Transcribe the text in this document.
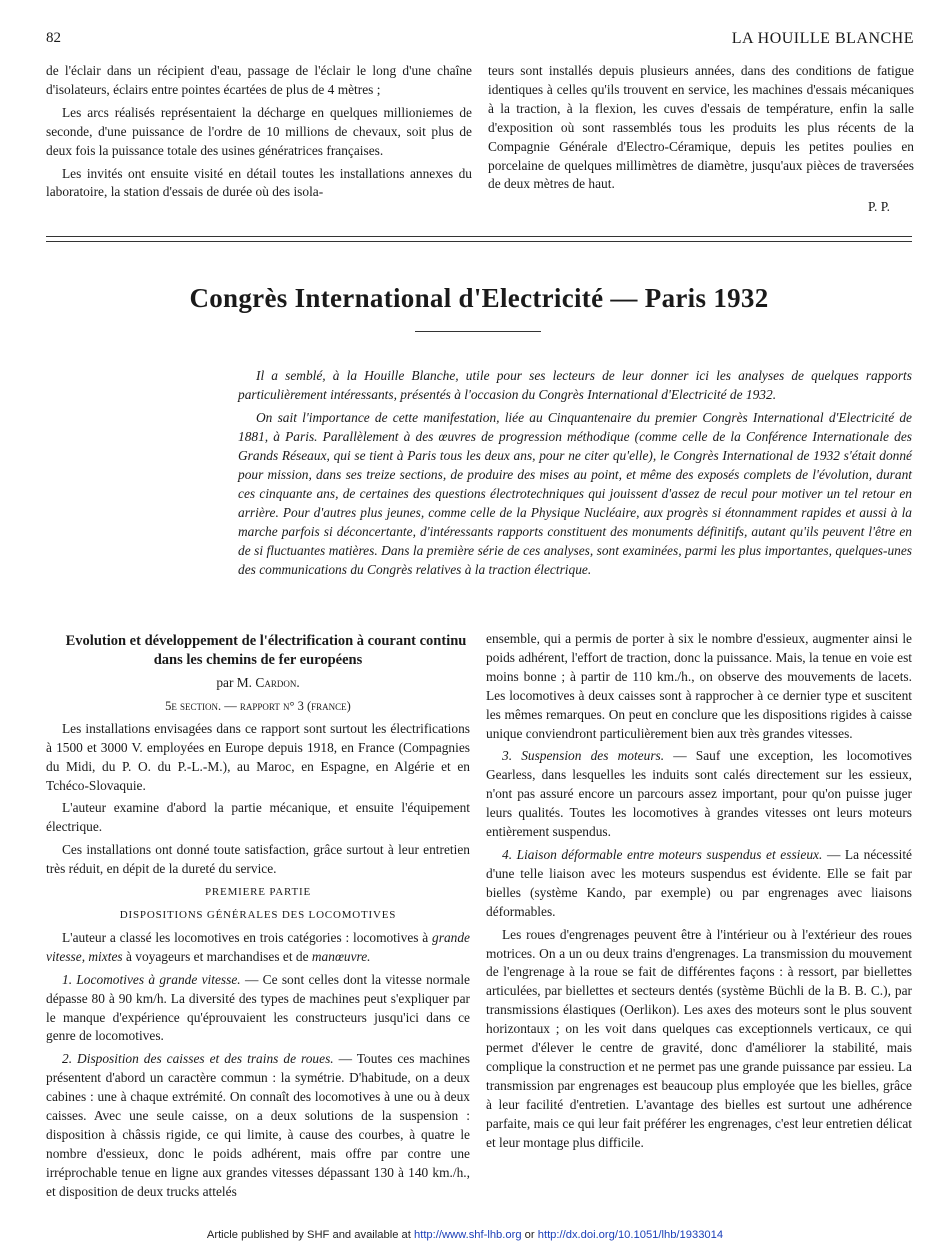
82	LA HOUILLE BLANCHE

de l'éclair dans un récipient d'eau, passage de l'éclair le long d'une chaîne d'isolateurs, éclairs entre pointes écartées de plus de 4 mètres ;

Les arcs réalisés représentaient la décharge en quelques millioniemes de seconde, d'une puissance de l'ordre de 10 millions de chevaux, soit plus de deux fois la puissance totale des usines génératrices françaises.

Les invités ont ensuite visité en détail toutes les installations annexes du laboratoire, la station d'essais de durée où des isola-

teurs sont installés depuis plusieurs années, dans des conditions de fatigue identiques à celles qu'ils trouvent en service, les machines d'essais mécaniques à la traction, à la flexion, les cuves d'essais de température, enfin la salle d'exposition où sont rassemblés tous les produits les plus récents de la Compagnie Générale d'Electro-Céramique, depuis les petites poulies en porcelaine de quelques millimètres de diamètre, jusqu'aux pièces de traversées de deux mètres de haut.

P. P.

Congrès International d'Electricité — Paris 1932

Il a semblé, à la Houille Blanche, utile pour ses lecteurs de leur donner ici les analyses de quelques rapports particulièrement intéressants, présentés à l'occasion du Congrès International d'Electricité de 1932.

On sait l'importance de cette manifestation, liée au Cinquantenaire du premier Congrès International d'Electricité de 1881, à Paris. Parallèlement à des œuvres de progression méthodique (comme celle de la Conférence Internationale des Grands Réseaux, qui se tient à Paris tous les deux ans, pour ne citer qu'elle), le Congrès International de 1932 s'était donné pour mission, dans ses treize sections, de produire des mises au point, et même des exposés complets de l'évolution, durant ces cinquante ans, de certaines des questions électrotechniques qui jouissent d'assez de recul pour motiver un tel retour en arrière. Pour d'autres plus jeunes, comme celle de la Physique Nucléaire, aux progrès si étonnamment rapides et aussi à la marche parfois si déconcertante, d'intéressants rapports constituent des monuments définitifs, autant qu'ils peuvent l'être en de si fluctuantes matières. Dans la première série de ces analyses, sont examinées, parmi les plus importantes, quelques-unes des communications du Congrès relatives à la traction électrique.

Evolution et développement de l'électrification à courant continu dans les chemins de fer européens

par M. Cardon.

5e section. — rapport n° 3 (france)

Les installations envisagées dans ce rapport sont surtout les électrifications à 1500 et 3000 V. employées en Europe depuis 1918, en France (Compagnies du Midi, du P. O. du P.-L.-M.), au Maroc, en Espagne, en Algérie et en Tchéco-Slovaquie.

L'auteur examine d'abord la partie mécanique, et ensuite l'équipement électrique.

Ces installations ont donné toute satisfaction, grâce surtout à leur entretien très réduit, en dépit de la dureté du service.

PREMIERE PARTIE

DISPOSITIONS GÉNÉRALES DES LOCOMOTIVES

L'auteur a classé les locomotives en trois catégories : locomotives à grande vitesse, mixtes à voyageurs et marchandises et de manœuvre.

1. Locomotives à grande vitesse. — Ce sont celles dont la vitesse normale dépasse 80 à 90 km/h. La diversité des types de machines peut s'expliquer par le manque d'expérience qu'éprouvaient les constructeurs jusqu'ici dans ce genre de locomotives.

2. Disposition des caisses et des trains de roues. — Toutes ces machines présentent d'abord un caractère commun : la symétrie. D'habitude, on a deux cabines : une à chaque extrémité. On connaît des locomotives à une ou à deux caisses. Avec une seule caisse, on a deux solutions de la suspension : disposition à châssis rigide, ce qui limite, à cause des courbes, à quatre le nombre d'essieux, donc le poids adhérent, mais offre par contre une irréprochable tenue en ligne aux grandes vitesses dépassant 130 à 140 km./h., et disposition de deux trucks attelés

ensemble, qui a permis de porter à six le nombre d'essieux, augmenter ainsi le poids adhérent, l'effort de traction, donc la puissance. Mais, la tenue en voie est moins bonne ; à partir de 110 km./h., on observe des mouvements de lacets. Les locomotives à deux caisses sont à rapprocher à ce dernier type et suscitent les mêmes remarques. On peut en conclure que les dispositions rigides à caisse unique conviendront particulièrement bien aux très grandes vitesses.

3. Suspension des moteurs. — Sauf une exception, les locomotives Gearless, dans lesquelles les induits sont calés directement sur les essieux, n'ont pas assuré encore un parcours assez important, pour qu'on puisse juger leurs qualités. Toutes les locomotives à grandes vitesses ont leurs moteurs entièrement suspendus.

4. Liaison déformable entre moteurs suspendus et essieux. — La nécessité d'une telle liaison avec les moteurs suspendus est évidente. Elle se fait par bielles (système Kando, par exemple) ou par engrenages avec liaisons déformables.

Les roues d'engrenages peuvent être à l'intérieur ou à l'extérieur des roues motrices. On a un ou deux trains d'engrenages. La transmission du mouvement de l'engrenage à la roue se fait de différentes façons : à ressort, par biellettes articulées, par biellettes et secteurs dentés (système Büchli de la B. B. C.), par transmissions élastiques (Oerlikon). Les axes des moteurs sont le plus souvent horizontaux ; on les voit dans quelques cas exceptionnels verticaux, ce qui permet d'élever le centre de gravité, donc d'améliorer la stabilité, mais complique la construction et ne permet pas une grande puissance par essieu. La transmission par engrenages est beaucoup plus employée que les bielles, grâce à leur facilité d'entretien. L'avantage des bielles est surtout une adhérence parfaite, mais ce qui leur fait préférer les engrenages, c'est leur entretien délicat et leur montage plus difficile.

Article published by SHF and available at http://www.shf-lhb.org or http://dx.doi.org/10.1051/lhb/1933014
